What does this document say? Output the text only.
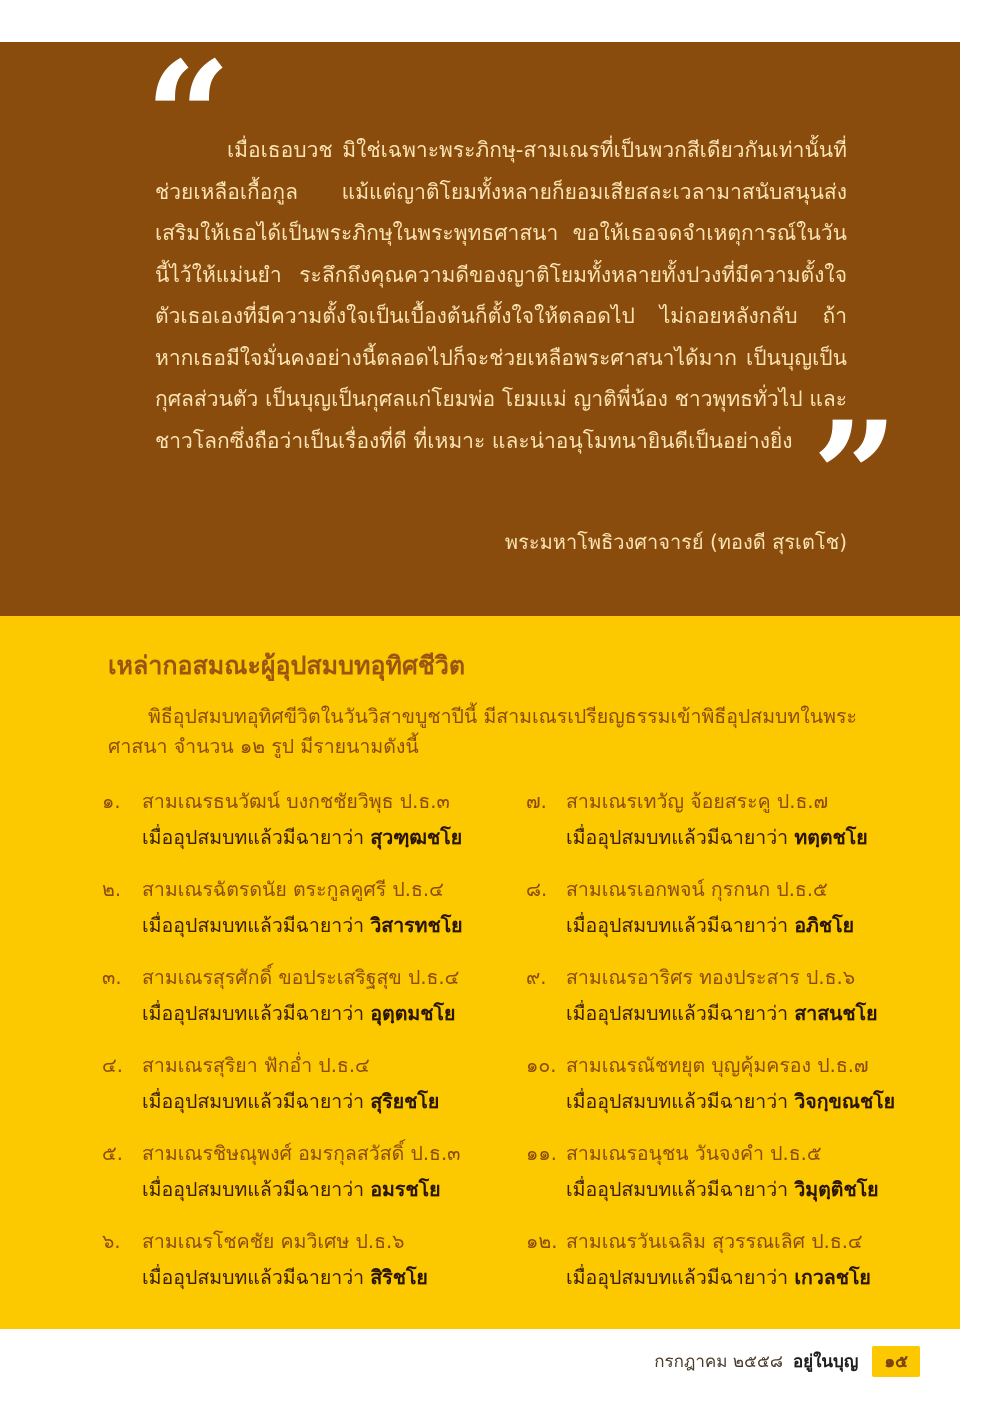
“

เมื่อเธอบวช มิใช่เฉพาะพระภิกษุ-สามเณรที่เป็นพวกสีเดียวกันเท่านั้นที่ช่วยเหลือเกื้อกูล แม้แต่ญาติโยมทั้งหลายก็ยอมเสียสละเวลามาสนับสนุนส่งเสริมให้เธอได้เป็นพระภิกษุในพระพุทธศาสนา ขอให้เธอจดจำเหตุการณ์ในวันนี้ไว้ให้แม่นยำ ระลึกถึงคุณความดีของญาติโยมทั้งหลายทั้งปวงที่มีความตั้งใจ ตัวเธอเองที่มีความตั้งใจเป็นเบื้องต้นก็ตั้งใจให้ตลอดไป ไม่ถอยหลังกลับ ถ้าหากเธอมีใจมั่นคงอย่างนี้ตลอดไปก็จะช่วยเหลือพระศาสนาได้มาก เป็นบุญเป็นกุศลส่วนตัว เป็นบุญเป็นกุศลแก่โยมพ่อ โยมแม่ ญาติพี่น้อง ชาวพุทธทั่วไป และชาวโลกซึ่งถือว่าเป็นเรื่องที่ดี ที่เหมาะ และน่าอนุโมทนายินดีเป็นอย่างยิ่ง ”

พระมหาโพธิวงศาจารย์ (ทองดี สุรเตโช)

เหล่ากอสมณะผู้อุปสมบทอุทิศชีวิต

พิธีอุปสมบทอุทิศขีวิตในวันวิสาขบูชาปีนี้ มีสามเณรเปรียญธรรมเข้าพิธีอุปสมบทในพระศาสนา จำนวน ๑๒ รูป มีรายนามดังนี้

๑.	สามเณรธนวัฒน์ บงกชชัยวิพุธ ป.ธ.๓
เมื่ออุปสมบทแล้วมีฉายาว่า สุวฑฺฒชโย
๒.	สามเณรฉัตรดนัย ตระกูลคูศรี ป.ธ.๔
เมื่ออุปสมบทแล้วมีฉายาว่า วิสารทชโย
๓.	สามเณรสุรศักดิ์ ขอประเสริฐสุข ป.ธ.๔
เมื่ออุปสมบทแล้วมีฉายาว่า อุตฺตมชโย
๔. สามเณรสุริยา ฟักอ่ำ ป.ธ.๔
เมื่ออุปสมบทแล้วมีฉายาว่า สุริยชโย
๕. สามเณรชิษณุพงศ์ อมรกุลสวัสดิ์ ป.ธ.๓
เมื่ออุปสมบทแล้วมีฉายาว่า อมรชโย
๖.	สามเณรโชคชัย คมวิเศษ ป.ธ.๖
เมื่ออุปสมบทแล้วมีฉายาว่า สิริชโย
๗. สามเณรเทวัญ จ้อยสระคู ป.ธ.๗
เมื่ออุปสมบทแล้วมีฉายาว่า ทตฺตชโย
๘. สามเณรเอกพจน์ กุรกนก ป.ธ.๕
เมื่ออุปสมบทแล้วมีฉายาว่า อภิชโย
๙.	สามเณรอาริศร ทองประสาร ป.ธ.๖
เมื่ออุปสมบทแล้วมีฉายาว่า สาสนชโย
๑๐. สามเณรณัชทยุต บุญคุ้มครอง ป.ธ.๗
เมื่ออุปสมบทแล้วมีฉายาว่า วิจกฺขณชโย
๑๑. สามเณรอนุชน วันจงคำ ป.ธ.๕
เมื่ออุปสมบทแล้วมีฉายาว่า วิมุตฺติชโย
๑๒. สามเณรวันเฉลิม สุวรรณเลิศ ป.ธ.๔
เมื่ออุปสมบทแล้วมีฉายาว่า เกวลชโย
กรกฎาคม ๒๕๕๘ อยู่ในบุญ	๑๕
